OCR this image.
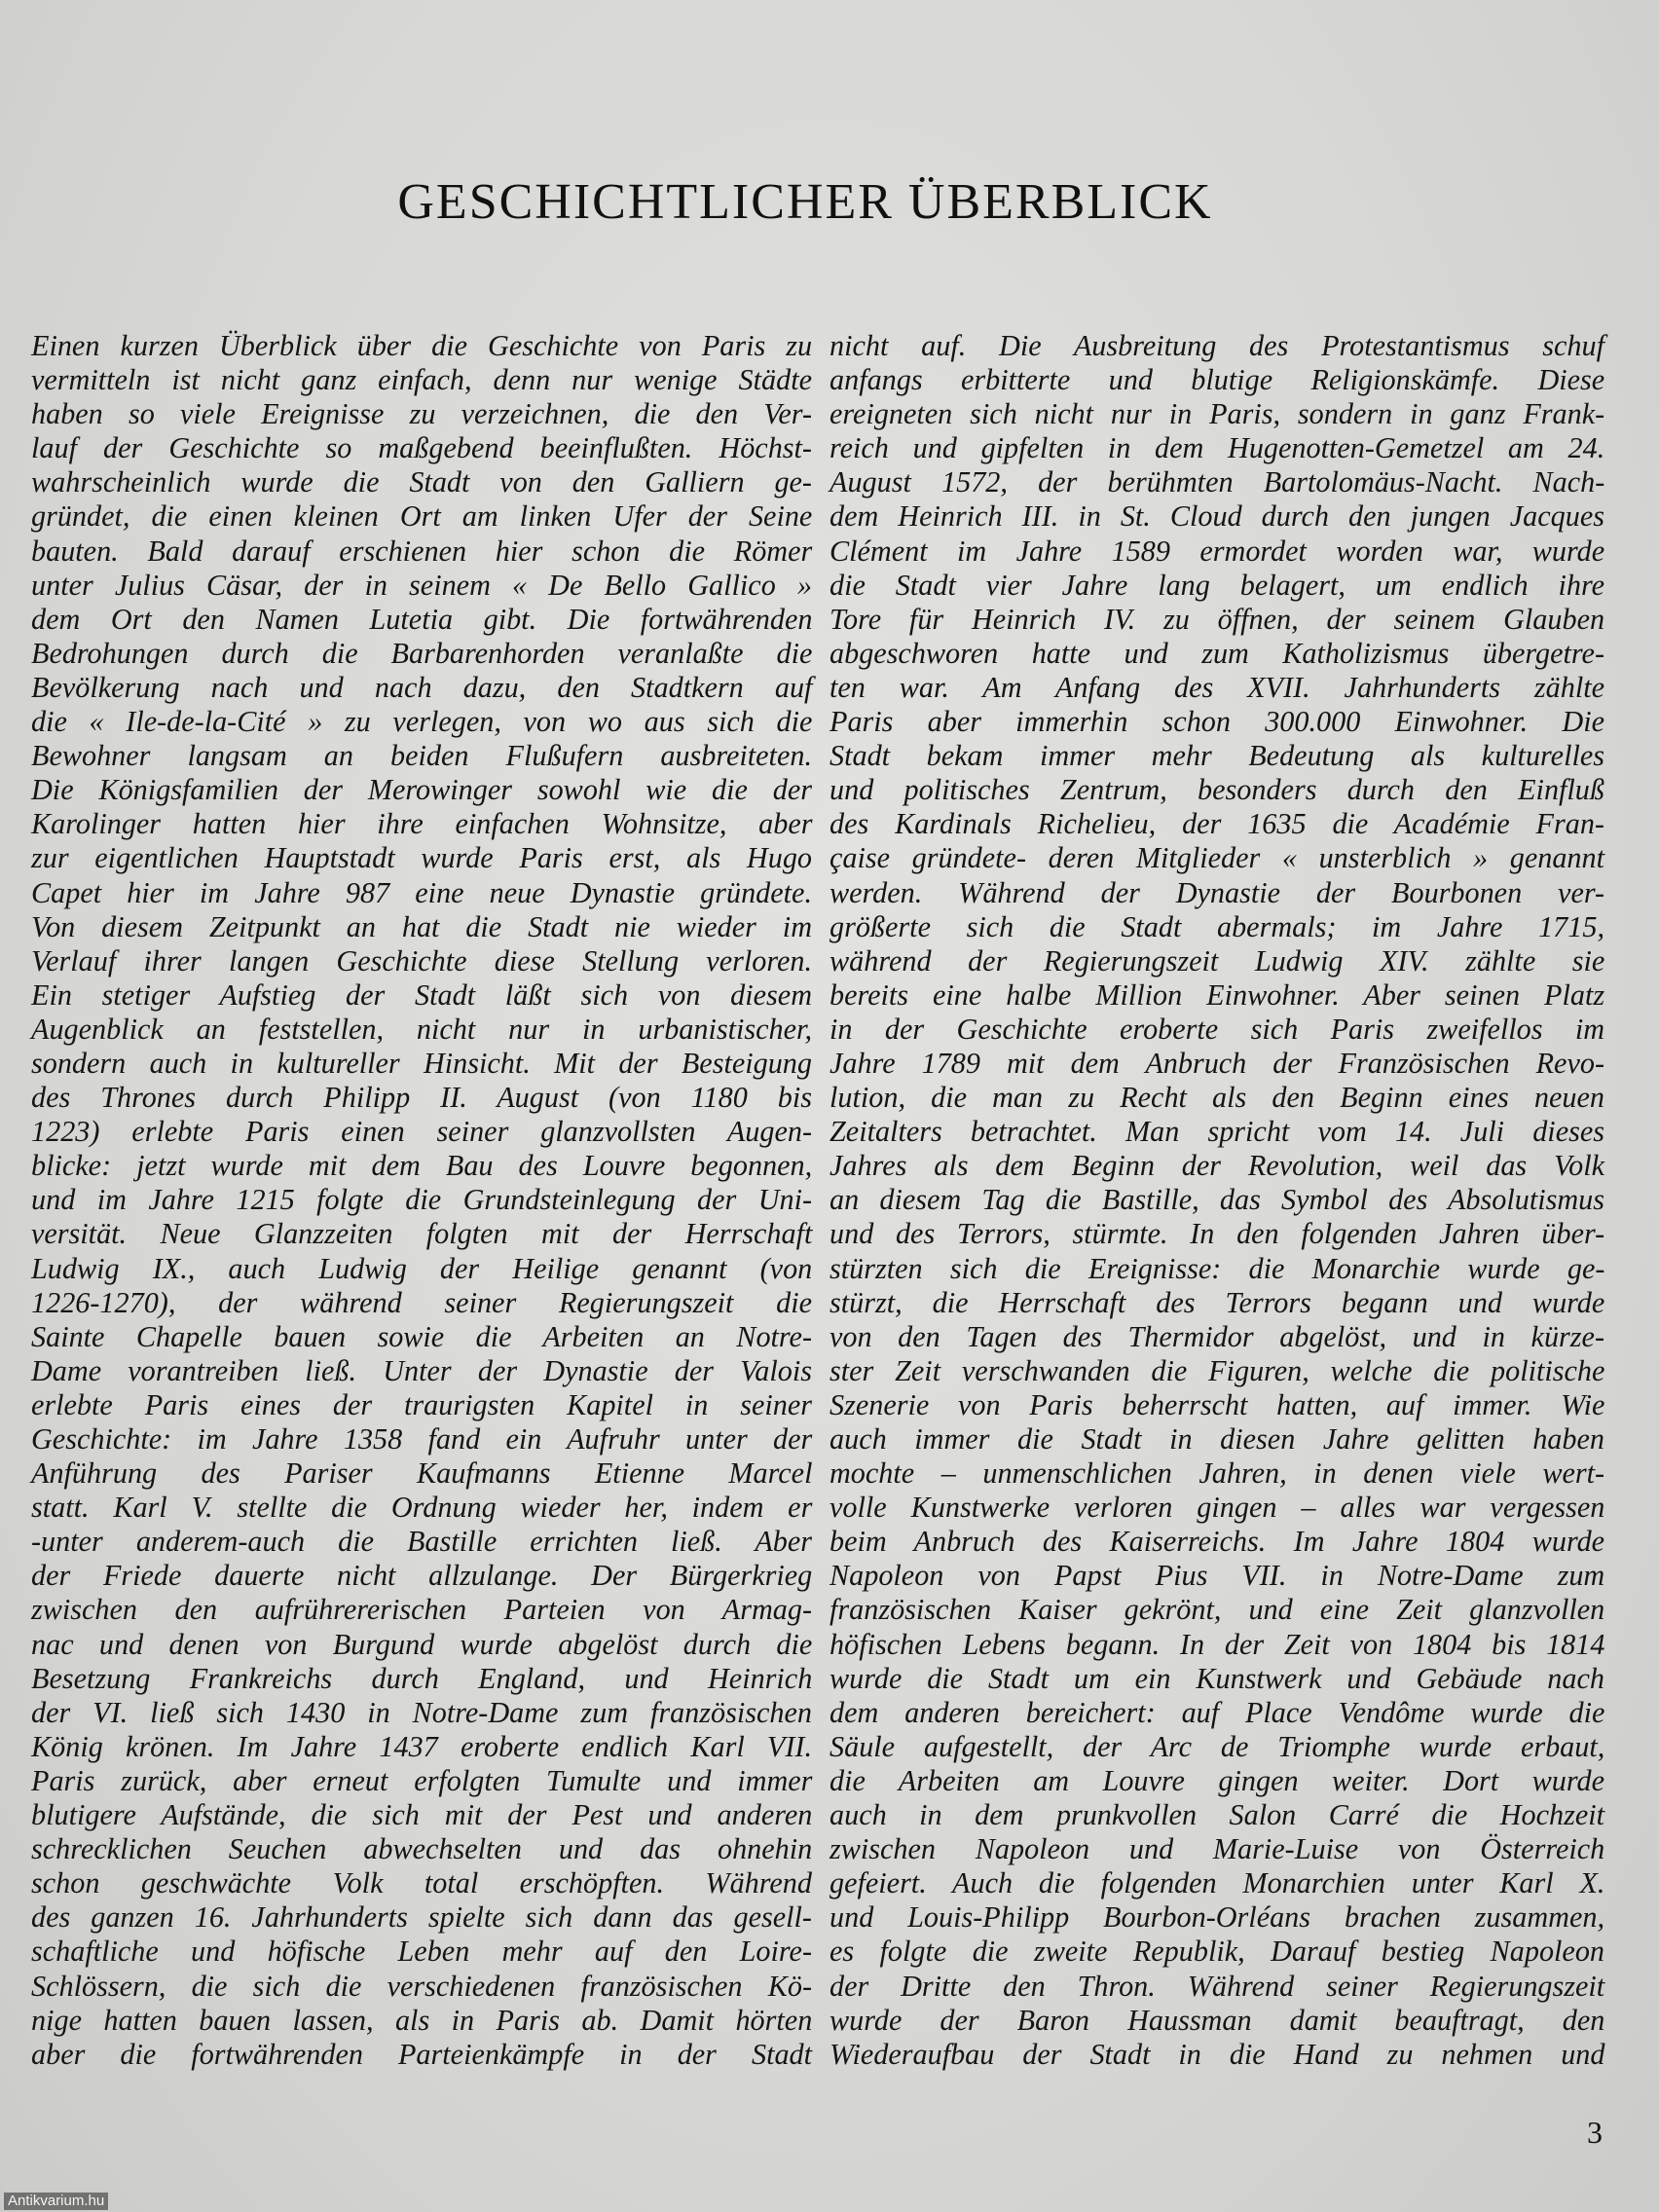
GESCHICHTLICHER ÜBERBLICK
Einen kurzen Überblick über die Geschichte von Paris zu
vermitteln ist nicht ganz einfach, denn nur wenige Städte
haben so viele Ereignisse zu verzeichnen, die den Ver-
lauf der Geschichte so maßgebend beeinflußten. Höchst-
wahrscheinlich wurde die Stadt von den Galliern ge-
gründet, die einen kleinen Ort am linken Ufer der Seine
bauten. Bald darauf erschienen hier schon die Römer
unter Julius Cäsar, der in seinem « De Bello Gallico »
dem Ort den Namen Lutetia gibt. Die fortwährenden
Bedrohungen durch die Barbarenhorden veranlaßte die
Bevölkerung nach und nach dazu, den Stadtkern auf
die « Ile-de-la-Cité » zu verlegen, von wo aus sich die
Bewohner langsam an beiden Flußufern ausbreiteten.
Die Königsfamilien der Merowinger sowohl wie die der
Karolinger hatten hier ihre einfachen Wohnsitze, aber
zur eigentlichen Hauptstadt wurde Paris erst, als Hugo
Capet hier im Jahre 987 eine neue Dynastie gründete.
Von diesem Zeitpunkt an hat die Stadt nie wieder im
Verlauf ihrer langen Geschichte diese Stellung verloren.
Ein stetiger Aufstieg der Stadt läßt sich von diesem
Augenblick an feststellen, nicht nur in urbanistischer,
sondern auch in kultureller Hinsicht. Mit der Besteigung
des Thrones durch Philipp II. August (von 1180 bis
1223) erlebte Paris einen seiner glanzvollsten Augen-
blicke: jetzt wurde mit dem Bau des Louvre begonnen,
und im Jahre 1215 folgte die Grundsteinlegung der Uni-
versität. Neue Glanzzeiten folgten mit der Herrschaft
Ludwig IX., auch Ludwig der Heilige genannt (von
1226-1270), der während seiner Regierungszeit die
Sainte Chapelle bauen sowie die Arbeiten an Notre-
Dame vorantreiben ließ. Unter der Dynastie der Valois
erlebte Paris eines der traurigsten Kapitel in seiner
Geschichte: im Jahre 1358 fand ein Aufruhr unter der
Anführung des Pariser Kaufmanns Etienne Marcel
statt. Karl V. stellte die Ordnung wieder her, indem er
-unter anderem-auch die Bastille errichten ließ. Aber
der Friede dauerte nicht allzulange. Der Bürgerkrieg
zwischen den aufrührererischen Parteien von Armag-
nac und denen von Burgund wurde abgelöst durch die
Besetzung Frankreichs durch England, und Heinrich
der VI. ließ sich 1430 in Notre-Dame zum französischen
König krönen. Im Jahre 1437 eroberte endlich Karl VII.
Paris zurück, aber erneut erfolgten Tumulte und immer
blutigere Aufstände, die sich mit der Pest und anderen
schrecklichen Seuchen abwechselten und das ohnehin
schon geschwächte Volk total erschöpften. Während
des ganzen 16. Jahrhunderts spielte sich dann das gesell-
schaftliche und höfische Leben mehr auf den Loire-
Schlössern, die sich die verschiedenen französischen Kö-
nige hatten bauen lassen, als in Paris ab. Damit hörten
aber die fortwährenden Parteienkämpfe in der Stadt
nicht auf. Die Ausbreitung des Protestantismus schuf
anfangs erbitterte und blutige Religionskämfe. Diese
ereigneten sich nicht nur in Paris, sondern in ganz Frank-
reich und gipfelten in dem Hugenotten-Gemetzel am 24.
August 1572, der berühmten Bartolomäus-Nacht. Nach-
dem Heinrich III. in St. Cloud durch den jungen Jacques
Clément im Jahre 1589 ermordet worden war, wurde
die Stadt vier Jahre lang belagert, um endlich ihre
Tore für Heinrich IV. zu öffnen, der seinem Glauben
abgeschworen hatte und zum Katholizismus übergetre-
ten war. Am Anfang des XVII. Jahrhunderts zählte
Paris aber immerhin schon 300.000 Einwohner. Die
Stadt bekam immer mehr Bedeutung als kulturelles
und politisches Zentrum, besonders durch den Einfluß
des Kardinals Richelieu, der 1635 die Académie Fran-
çaise gründete- deren Mitglieder « unsterblich » genannt
werden. Während der Dynastie der Bourbonen ver-
größerte sich die Stadt abermals; im Jahre 1715,
während der Regierungszeit Ludwig XIV. zählte sie
bereits eine halbe Million Einwohner. Aber seinen Platz
in der Geschichte eroberte sich Paris zweifellos im
Jahre 1789 mit dem Anbruch der Französischen Revo-
lution, die man zu Recht als den Beginn eines neuen
Zeitalters betrachtet. Man spricht vom 14. Juli dieses
Jahres als dem Beginn der Revolution, weil das Volk
an diesem Tag die Bastille, das Symbol des Absolutismus
und des Terrors, stürmte. In den folgenden Jahren über-
stürzten sich die Ereignisse: die Monarchie wurde ge-
stürzt, die Herrschaft des Terrors begann und wurde
von den Tagen des Thermidor abgelöst, und in kürze-
ster Zeit verschwanden die Figuren, welche die politische
Szenerie von Paris beherrscht hatten, auf immer. Wie
auch immer die Stadt in diesen Jahre gelitten haben
mochte – unmenschlichen Jahren, in denen viele wert-
volle Kunstwerke verloren gingen – alles war vergessen
beim Anbruch des Kaiserreichs. Im Jahre 1804 wurde
Napoleon von Papst Pius VII. in Notre-Dame zum
französischen Kaiser gekrönt, und eine Zeit glanzvollen
höfischen Lebens begann. In der Zeit von 1804 bis 1814
wurde die Stadt um ein Kunstwerk und Gebäude nach
dem anderen bereichert: auf Place Vendôme wurde die
Säule aufgestellt, der Arc de Triomphe wurde erbaut,
die Arbeiten am Louvre gingen weiter. Dort wurde
auch in dem prunkvollen Salon Carré die Hochzeit
zwischen Napoleon und Marie-Luise von Österreich
gefeiert. Auch die folgenden Monarchien unter Karl X.
und Louis-Philipp Bourbon-Orléans brachen zusammen,
es folgte die zweite Republik, Darauf bestieg Napoleon
der Dritte den Thron. Während seiner Regierungszeit
wurde der Baron Haussman damit beauftragt, den
Wiederaufbau der Stadt in die Hand zu nehmen und
3
Antikvarium.hu
